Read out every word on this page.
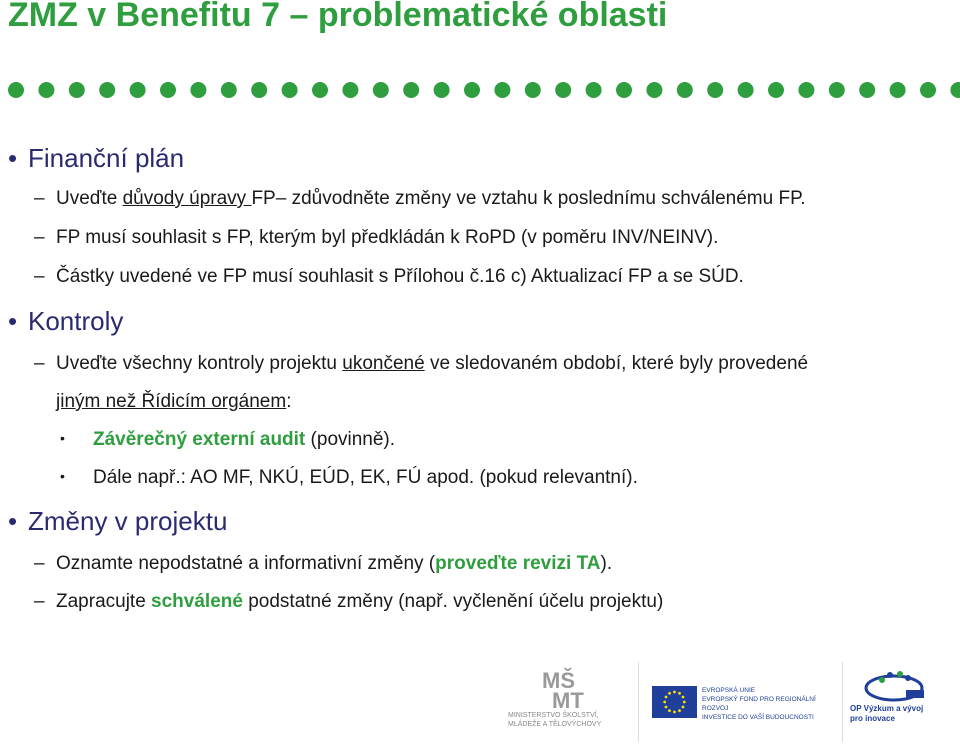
ZMZ v Benefitu 7 – problematické oblasti
• Finanční plán
– Uveďte důvody úpravy FP– zdůvodněte změny ve vztahu k poslednímu schválenému FP.
– FP musí souhlasit s FP, kterým byl předkládán k RoPD (v poměru INV/NEINV).
– Částky uvedené ve FP musí souhlasit s Přílohou č.16 c) Aktualizací FP a se SÚD.
• Kontroly
– Uveďte všechny kontroly projektu ukončené ve sledovaném období, které byly provedené
jiným než Řídicím orgánem:
• Závěrečný externí audit (povinně).
• Dále např.: AO MF, NKÚ, EÚD, EK, FÚ apod. (pokud relevantní).
• Změny v projektu
– Oznamte nepodstatné a informativní změny (proveďte revizi TA).
– Zapracujte schválené podstatné změny (např. vyčlenění účelu projektu)
MŠ
MT
MINISTERSTVO ŠKOLSTVÍ,
MLÁDEŽE A TĚLOVÝCHOVY
EVROPSKÁ UNIE
EVROPSKÝ FOND PRO REGIONÁLNÍ ROZVOJ
INVESTICE DO VAŠÍ BUDOUCNOSTI
OP Výzkum a vývoj
pro inovace
